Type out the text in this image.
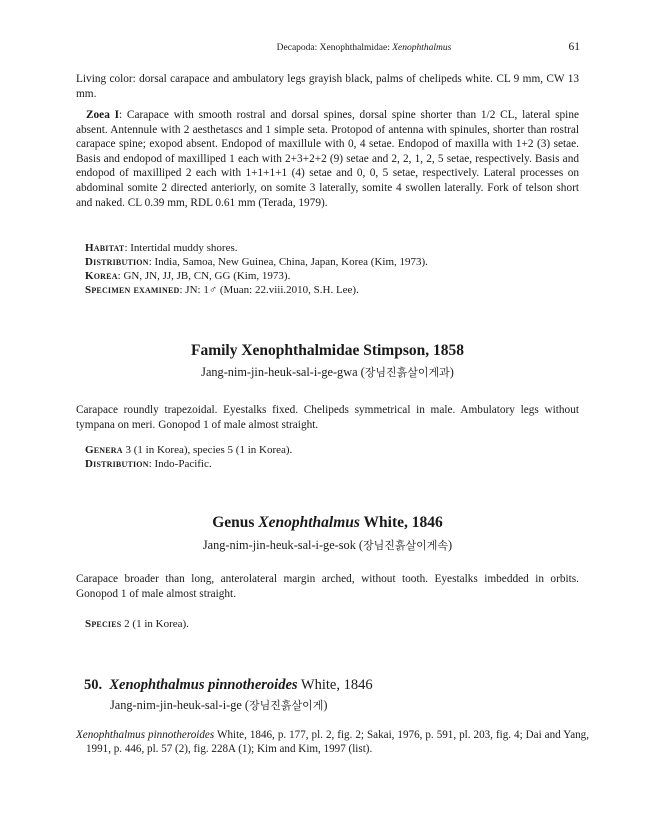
Decapoda: Xenophthalmidae: Xenophthalmus	61

Living color: dorsal carapace and ambulatory legs grayish black, palms of chelipeds white. CL 9 mm, CW 13 mm.

Zoea I: Carapace with smooth rostral and dorsal spines, dorsal spine shorter than 1/2 CL, lateral spine absent. Antennule with 2 aesthetascs and 1 simple seta. Protopod of antenna with spinules, shorter than rostral carapace spine; exopod absent. Endopod of maxillule with 0, 4 setae. Endopod of maxilla with 1+2 (3) setae. Basis and endopod of maxilliped 1 each with 2+3+2+2 (9) setae and 2, 2, 1, 2, 5 setae, respectively. Basis and endopod of maxilliped 2 each with 1+1+1+1 (4) setae and 0, 0, 5 setae, respectively. Lateral processes on abdominal somite 2 directed anteriorly, on somite 3 laterally, somite 4 swollen laterally. Fork of telson short and naked. CL 0.39 mm, RDL 0.61 mm (Terada, 1979).

Habitat: Intertidal muddy shores.
Distribution: India, Samoa, New Guinea, China, Japan, Korea (Kim, 1973).
Korea: GN, JN, JJ, JB, CN, GG (Kim, 1973).
Specimen examined: JN: 1♂ (Muan: 22.viii.2010, S.H. Lee).
Family Xenophthalmidae Stimpson, 1858
Jang-nim-jin-heuk-sal-i-ge-gwa (장님진흙살이게과)

Carapace roundly trapezoidal. Eyestalks fixed. Chelipeds symmetrical in male. Ambulatory legs without tympana on meri. Gonopod 1 of male almost straight.

Genera 3 (1 in Korea), species 5 (1 in Korea).
Distribution: Indo-Pacific.
Genus Xenophthalmus White, 1846
Jang-nim-jin-heuk-sal-i-ge-sok (장님진흙살이게속)

Carapace broader than long, anterolateral margin arched, without tooth. Eyestalks imbedded in orbits. Gonopod 1 of male almost straight.

Species 2 (1 in Korea).
50. Xenophthalmus pinnotheroides White, 1846
Jang-nim-jin-heuk-sal-i-ge (장님진흙살이게)

Xenophthalmus pinnotheroides White, 1846, p. 177, pl. 2, fig. 2; Sakai, 1976, p. 591, pl. 203, fig. 4; Dai and Yang, 1991, p. 446, pl. 57 (2), fig. 228A (1); Kim and Kim, 1997 (list).
